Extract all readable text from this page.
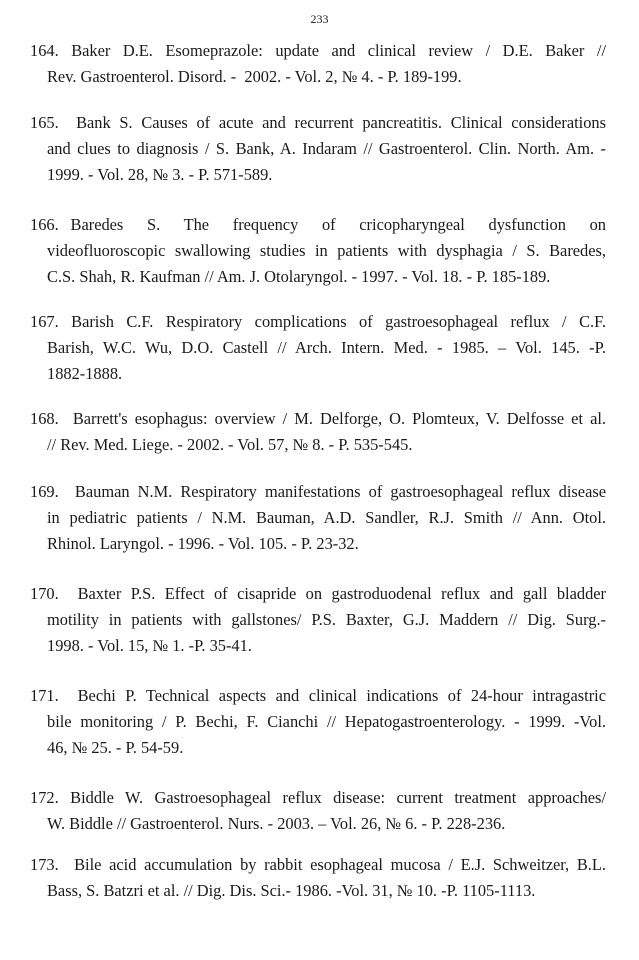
233
164.  Baker  D.E.  Esomeprazole:  update  and  clinical  review  /  D.E.  Baker  //
Rev. Gastroenterol. Disord. -  2002. - Vol. 2, № 4. - P. 189-199.
165.  Bank S. Causes of acute and recurrent pancreatitis. Clinical considerations
and clues to diagnosis / S. Bank, A. Indaram // Gastroenterol. Clin. North. Am. -
1999. - Vol. 28, № 3. - P. 571-589.
166.  Baredes    S.    The    frequency    of    cricopharyngeal    dysfunction    on
videofluoroscopic swallowing studies in patients with dysphagia / S. Baredes,
C.S. Shah, R. Kaufman // Am. J. Otolaryngol. - 1997. - Vol. 18. - P. 185-189.
167.  Barish  C.F.  Respiratory  complications  of  gastroesophageal  reflux  /  C.F.
Barish,  W.C.  Wu,  D.O.  Castell  //  Arch.  Intern.  Med.  -  1985.  –  Vol.  145.  -P.
1882-1888.
168.  Barrett's esophagus: overview / M. Delforge, O. Plomteux, V. Delfosse et al.
// Rev. Med. Liege. - 2002. - Vol. 57, № 8. - P. 535-545.
169.  Bauman N.M. Respiratory manifestations of gastroesophageal reflux disease
in  pediatric  patients  /  N.M.  Bauman,  A.D.  Sandler,  R.J.  Smith  //  Ann.  Otol.
Rhinol. Laryngol. - 1996. - Vol. 105. - P. 23-32.
170.  Baxter P.S. Effect of cisapride on gastroduodenal reflux and gall bladder
motility  in  patients  with  gallstones/  P.S.  Baxter,  G.J.  Maddern  //  Dig.  Surg.-
1998. - Vol. 15, № 1. -P. 35-41.
171.  Bechi P. Technical aspects and clinical indications of 24-hour intragastric
bile monitoring / P. Bechi, F. Cianchi // Hepatogastroenterology. - 1999. -Vol.
46, № 25. - P. 54-59.
172.  Biddle  W.  Gastroesophageal  reflux  disease:  current  treatment  approaches/
W. Biddle // Gastroenterol. Nurs. - 2003. – Vol. 26, № 6. - P. 228-236.
173.  Bile acid accumulation by rabbit esophageal mucosa / E.J. Schweitzer, B.L.
Bass, S. Batzri et al. // Dig. Dis. Sci.- 1986. -Vol. 31, № 10. -P. 1105-1113.
